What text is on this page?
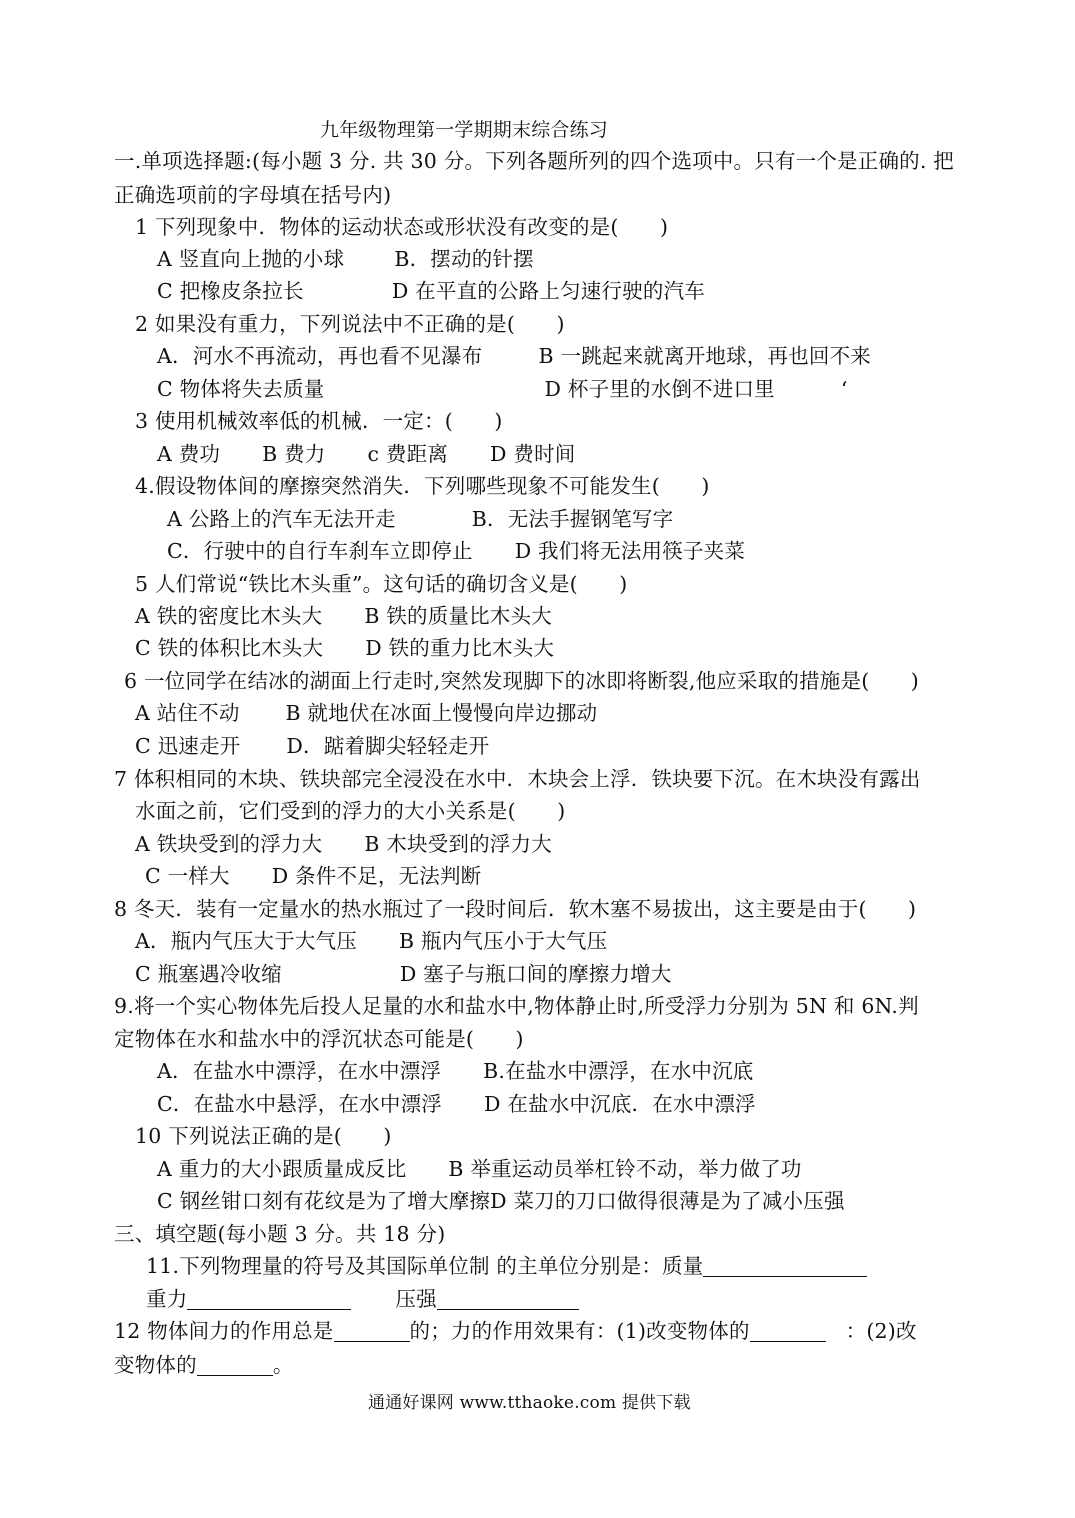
九年级物理第一学期期末综合练习
一.单项选择题:(每小题 3 分. 共 30 分。下列各题所列的四个选项中。只有一个是正确的. 把
正确选项前的字母填在括号内)
1 下列现象中．物体的运动状态或形状没有改变的是(　　)
A 竖直向上抛的小球 B．摆动的针摆
C 把橡皮条拉长	D 在平直的公路上匀速行驶的汽车
2 如果没有重力，下列说法中不正确的是(　　)
A．河水不再流动，再也看不见瀑布	B 一跳起来就离开地球，再也回不来
C 物体将失去质量	D 杯子里的水倒不进口里	‘
3 使用机械效率低的机械．一定：(　　)
A 费功 B 费力 c 费距离 D 费时间
4.假设物体间的摩擦突然消失．下列哪些现象不可能发生(　　)
A 公路上的汽车无法开走	B．无法手握钢笔写字
C．行驶中的自行车刹车立即停止 D 我们将无法用筷子夹菜
5 人们常说“铁比木头重”。这句话的确切含义是(　　)
A 铁的密度比木头大 B 铁的质量比木头大
C 铁的体积比木头大 D 铁的重力比木头大
6 一位同学在结冰的湖面上行走时,突然发现脚下的冰即将断裂,他应采取的措施是(　　)
A 站住不动 B 就地伏在冰面上慢慢向岸边挪动
C 迅速走开 D．踮着脚尖轻轻走开
7 体积相同的木块、铁块部完全浸没在水中．木块会上浮．铁块要下沉。在木块没有露出
水面之前，它们受到的浮力的大小关系是(　　)
A 铁块受到的浮力大 B 木块受到的浮力大
C 一样大 D 条件不足，无法判断
8 冬天．装有一定量水的热水瓶过了一段时间后．软木塞不易拔出，这主要是由于(　　)
A．瓶内气压大于大气压 B 瓶内气压小于大气压
C 瓶塞遇冷收缩	D 塞子与瓶口间的摩擦力增大
9.将一个实心物体先后投人足量的水和盐水中,物体静止时,所受浮力分别为 5N 和 6N.判
定物体在水和盐水中的浮沉状态可能是(　　)
A．在盐水中漂浮，在水中漂浮 B.在盐水中漂浮，在水中沉底
C．在盐水中悬浮，在水中漂浮 D 在盐水中沉底．在水中漂浮
10 下列说法正确的是(　　)
A 重力的大小跟质量成反比 B 举重运动员举杠铃不动，举力做了功
C 钢丝钳口刻有花纹是为了增大摩擦D 菜刀的刀口做得很薄是为了减小压强
三、填空题(每小题 3 分。共 18 分)
11.下列物理量的符号及其国际单位制 的主单位分别是：质量
重力	压强
12 物体间力的作用总是	的；力的作用效果有：(1)改变物体的	：(2)改
变物体的	。
通通好课网 www.tthaoke.com 提供下载
